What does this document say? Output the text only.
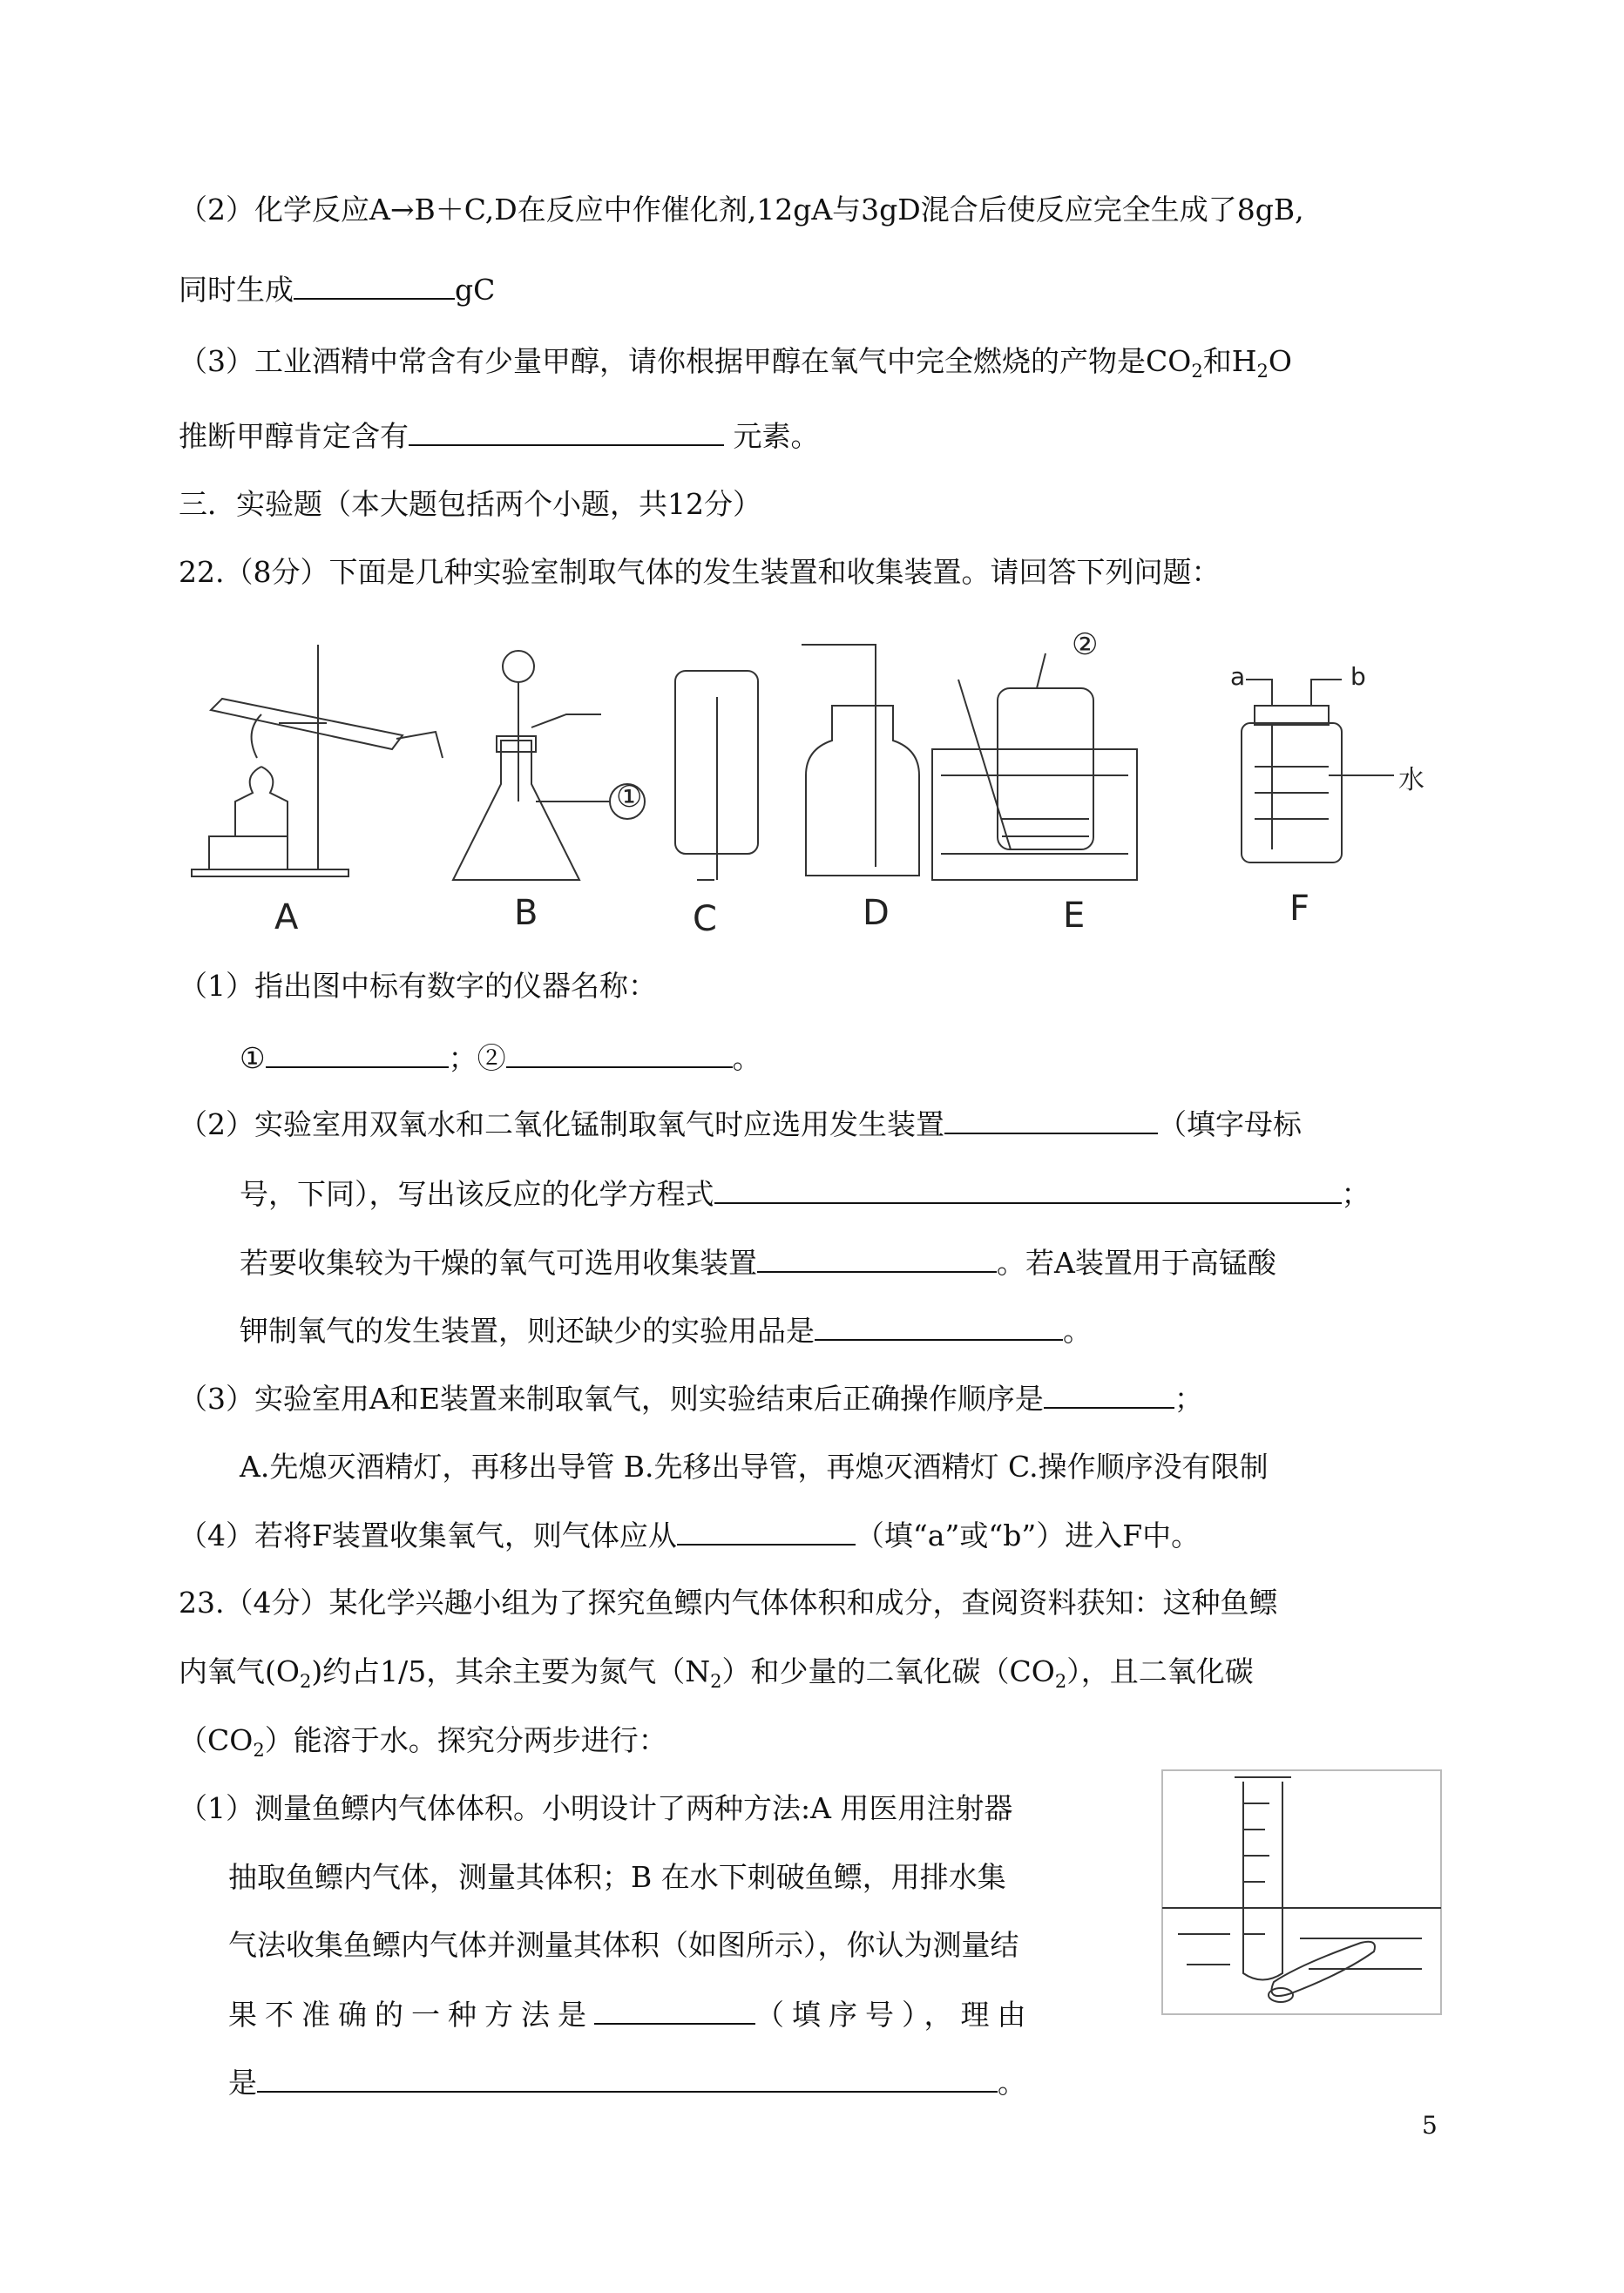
（2）化学反应A→B＋C,D在反应中作催化剂,12gA与3gD混合后使反应完全生成了8gB,
同时生成	gC
（3）工业酒精中常含有少量甲醇，请你根据甲醇在氧气中完全燃烧的产物是$CO_2$和$H_2O$
推断甲醇肯定含有	元素。
三．实验题（本大题包括两个小题，共12分）
22.（8分）下面是几种实验室制取气体的发生装置和收集装置。请回答下列问题：
A	B	C	D	E	F
①
②
a	b
水
（1）指出图中标有数字的仪器名称：
①	；②	。
（2）实验室用双氧水和二氧化锰制取氧气时应选用发生装置	（填字母标
号，下同），写出该反应的化学方程式	；
若要收集较为干燥的氧气可选用收集装置	。若A装置用于高锰酸
钾制氧气的发生装置，则还缺少的实验用品是	。
（3）实验室用A和E装置来制取氧气，则实验结束后正确操作顺序是	；
A.先熄灭酒精灯，再移出导管 B.先移出导管，再熄灭酒精灯 C.操作顺序没有限制
（4）若将F装置收集氧气，则气体应从	（填“a”或“b”）进入F中。
23.（4分）某化学兴趣小组为了探究鱼鳔内气体体积和成分，查阅资料获知：这种鱼鳔
内氧气$(O_2)$约占1/5，其余主要为氮气$(N_2)$和少量的二氧化碳$(CO_2)$，且二氧化碳
$(CO_2)$能溶于水。探究分两步进行：
（1）测量鱼鳔内气体体积。小明设计了两种方法:A 用医用注射器
抽取鱼鳔内气体，测量其体积；B 在水下刺破鱼鳔，用排水集
气法收集鱼鳔内气体并测量其体积（如图所示），你认为测量结
果不准确的一种方法是	（填序号），理由
是	。
5
